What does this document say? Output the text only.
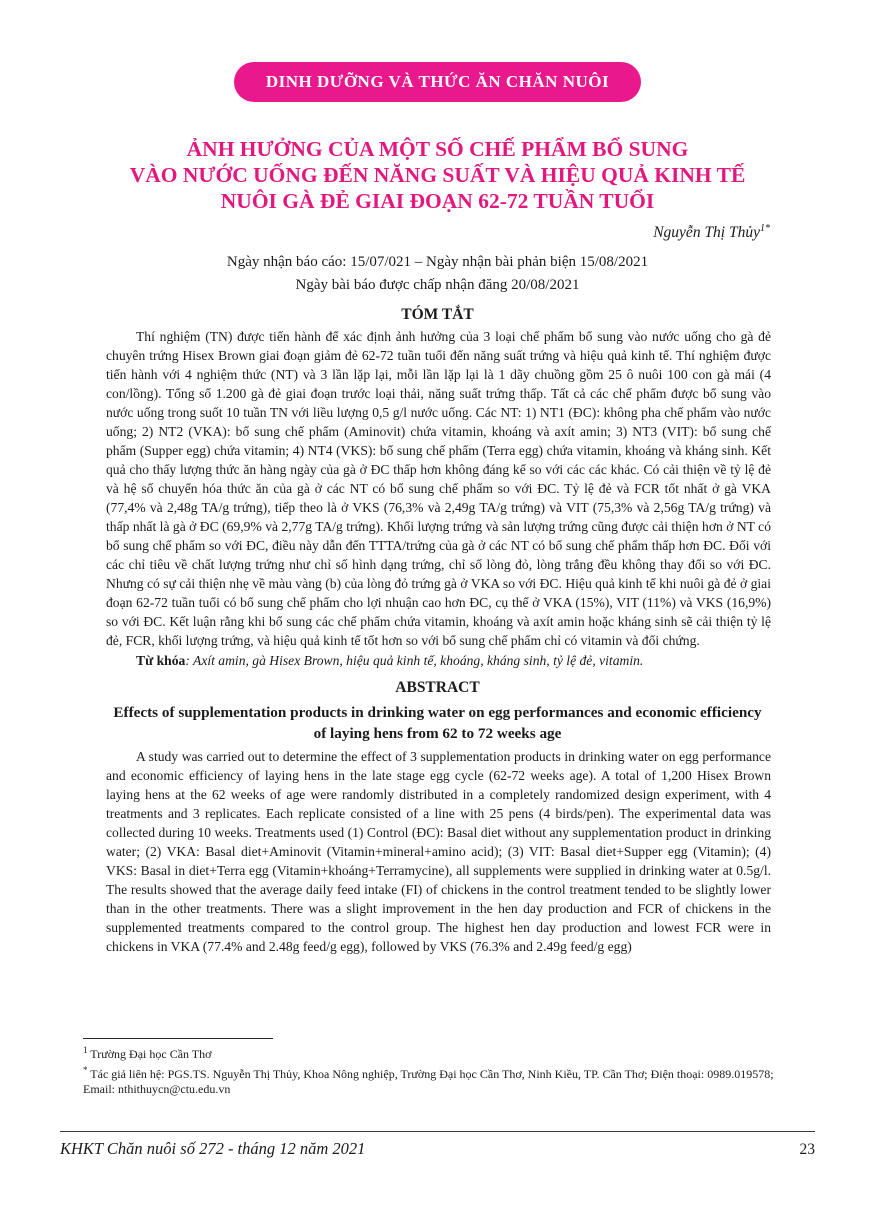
DINH DƯỠNG VÀ THỨC ĂN CHĂN NUÔI
ẢNH HƯỞNG CỦA MỘT SỐ CHẾ PHẨM BỔ SUNG
VÀO NƯỚC UỐNG ĐẾN NĂNG SUẤT VÀ HIỆU QUẢ KINH TẾ
NUÔI GÀ ĐẺ GIAI ĐOẠN 62-72 TUẦN TUỔI
Nguyễn Thị Thủy$^{1*}$
Ngày nhận báo cáo: 15/07/021 – Ngày nhận bài phản biện 15/08/2021
Ngày bài báo được chấp nhận đăng 20/08/2021
TÓM TẮT

Thí nghiệm (TN) được tiến hành để xác định ảnh hưởng của 3 loại chế phẩm bổ sung vào nước uống cho gà đẻ chuyên trứng Hisex Brown giai đoạn giảm đẻ 62-72 tuần tuổi đến năng suất trứng và hiệu quả kinh tế. Thí nghiệm được tiến hành với 4 nghiệm thức (NT) và 3 lần lặp lại, mỗi lần lặp lại là 1 dãy chuồng gồm 25 ô nuôi 100 con gà mái (4 con/lồng). Tổng số 1.200 gà đẻ giai đoạn trước loại thải, năng suất trứng thấp. Tất cả các chế phẩm được bổ sung vào nước uống trong suốt 10 tuần TN với liều lượng 0,5 g/l nước uống. Các NT: 1) NT1 (ĐC): không pha chế phẩm vào nước uống; 2) NT2 (VKA): bổ sung chế phẩm (Aminovit) chứa vitamin, khoáng và axít amin; 3) NT3 (VIT): bổ sung chế phẩm (Supper egg) chứa vitamin; 4) NT4 (VKS): bổ sung chế phẩm (Terra egg) chứa vitamin, khoáng và kháng sinh. Kết quả cho thấy lượng thức ăn hàng ngày của gà ở ĐC thấp hơn không đáng kể so với các các khác. Có cải thiện về tỷ lệ đẻ và hệ số chuyển hóa thức ăn của gà ở các NT có bổ sung chế phẩm so với ĐC. Tỷ lệ đẻ và FCR tốt nhất ở gà VKA (77,4% và 2,48g TA/g trứng), tiếp theo là ở VKS (76,3% và 2,49g TA/g trứng) và VIT (75,3% và 2,56g TA/g trứng) và thấp nhất là gà ở ĐC (69,9% và 2,77g TA/g trứng). Khối lượng trứng và sản lượng trứng cũng được cải thiện hơn ở NT có bổ sung chế phẩm so với ĐC, điều này dẫn đến TTTA/trứng của gà ở các NT có bổ sung chế phẩm thấp hơn ĐC. Đối với các chỉ tiêu về chất lượng trứng như chỉ số hình dạng trứng, chỉ số lòng đỏ, lòng trắng đều không thay đổi so với ĐC. Nhưng có sự cải thiện nhẹ về màu vàng (b) của lòng đỏ trứng gà ở VKA so với ĐC. Hiệu quả kinh tế khi nuôi gà đẻ ở giai đoạn 62-72 tuần tuổi có bổ sung chế phẩm cho lợi nhuận cao hơn ĐC, cụ thể ở VKA (15%), VIT (11%) và VKS (16,9%) so với ĐC. Kết luận rằng khi bổ sung các chế phẩm chứa vitamin, khoáng và axít amin hoặc kháng sinh sẽ cải thiện tỷ lệ đẻ, FCR, khối lượng trứng, và hiệu quả kinh tế tốt hơn so với bổ sung chế phẩm chỉ có vitamin và đối chứng.

Từ khóa: Axít amin, gà Hisex Brown, hiệu quả kinh tế, khoáng, kháng sinh, tỷ lệ đẻ, vitamin.

ABSTRACT
Effects of supplementation products in drinking water on egg performances and economic efficiency of laying hens from 62 to 72 weeks age

A study was carried out to determine the effect of 3 supplementation products in drinking water on egg performance and economic efficiency of laying hens in the late stage egg cycle (62-72 weeks age). A total of 1,200 Hisex Brown laying hens at the 62 weeks of age were randomly distributed in a completely randomized design experiment, with 4 treatments and 3 replicates. Each replicate consisted of a line with 25 pens (4 birds/pen). The experimental data was collected during 10 weeks. Treatments used (1) Control (ĐC): Basal diet without any supplementation product in drinking water; (2) VKA: Basal diet+Aminovit (Vitamin+mineral+amino acid); (3) VIT: Basal diet+Supper egg (Vitamin); (4) VKS: Basal in diet+Terra egg (Vitamin+khoáng+Terramycine), all supplements were supplied in drinking water at 0.5g/l. The results showed that the average daily feed intake (FI) of chickens in the control treatment tended to be slightly lower than in the other treatments. There was a slight improvement in the hen day production and FCR of chickens in the supplemented treatments compared to the control group. The highest hen day production and lowest FCR were in chickens in VKA (77.4% and 2.48g feed/g egg), followed by VKS (76.3% and 2.49g feed/g egg)

$^1$ Trường Đại học Cần Thơ
* Tác giả liên hệ: PGS.TS. Nguyễn Thị Thủy, Khoa Nông nghiệp, Trường Đại học Cần Thơ, Ninh Kiều, TP. Cần Thơ; Điện thoại: 0989.019578; Email: nthithuycn@ctu.edu.vn
KHKT Chăn nuôi số 272 - tháng 12 năm 2021	23
